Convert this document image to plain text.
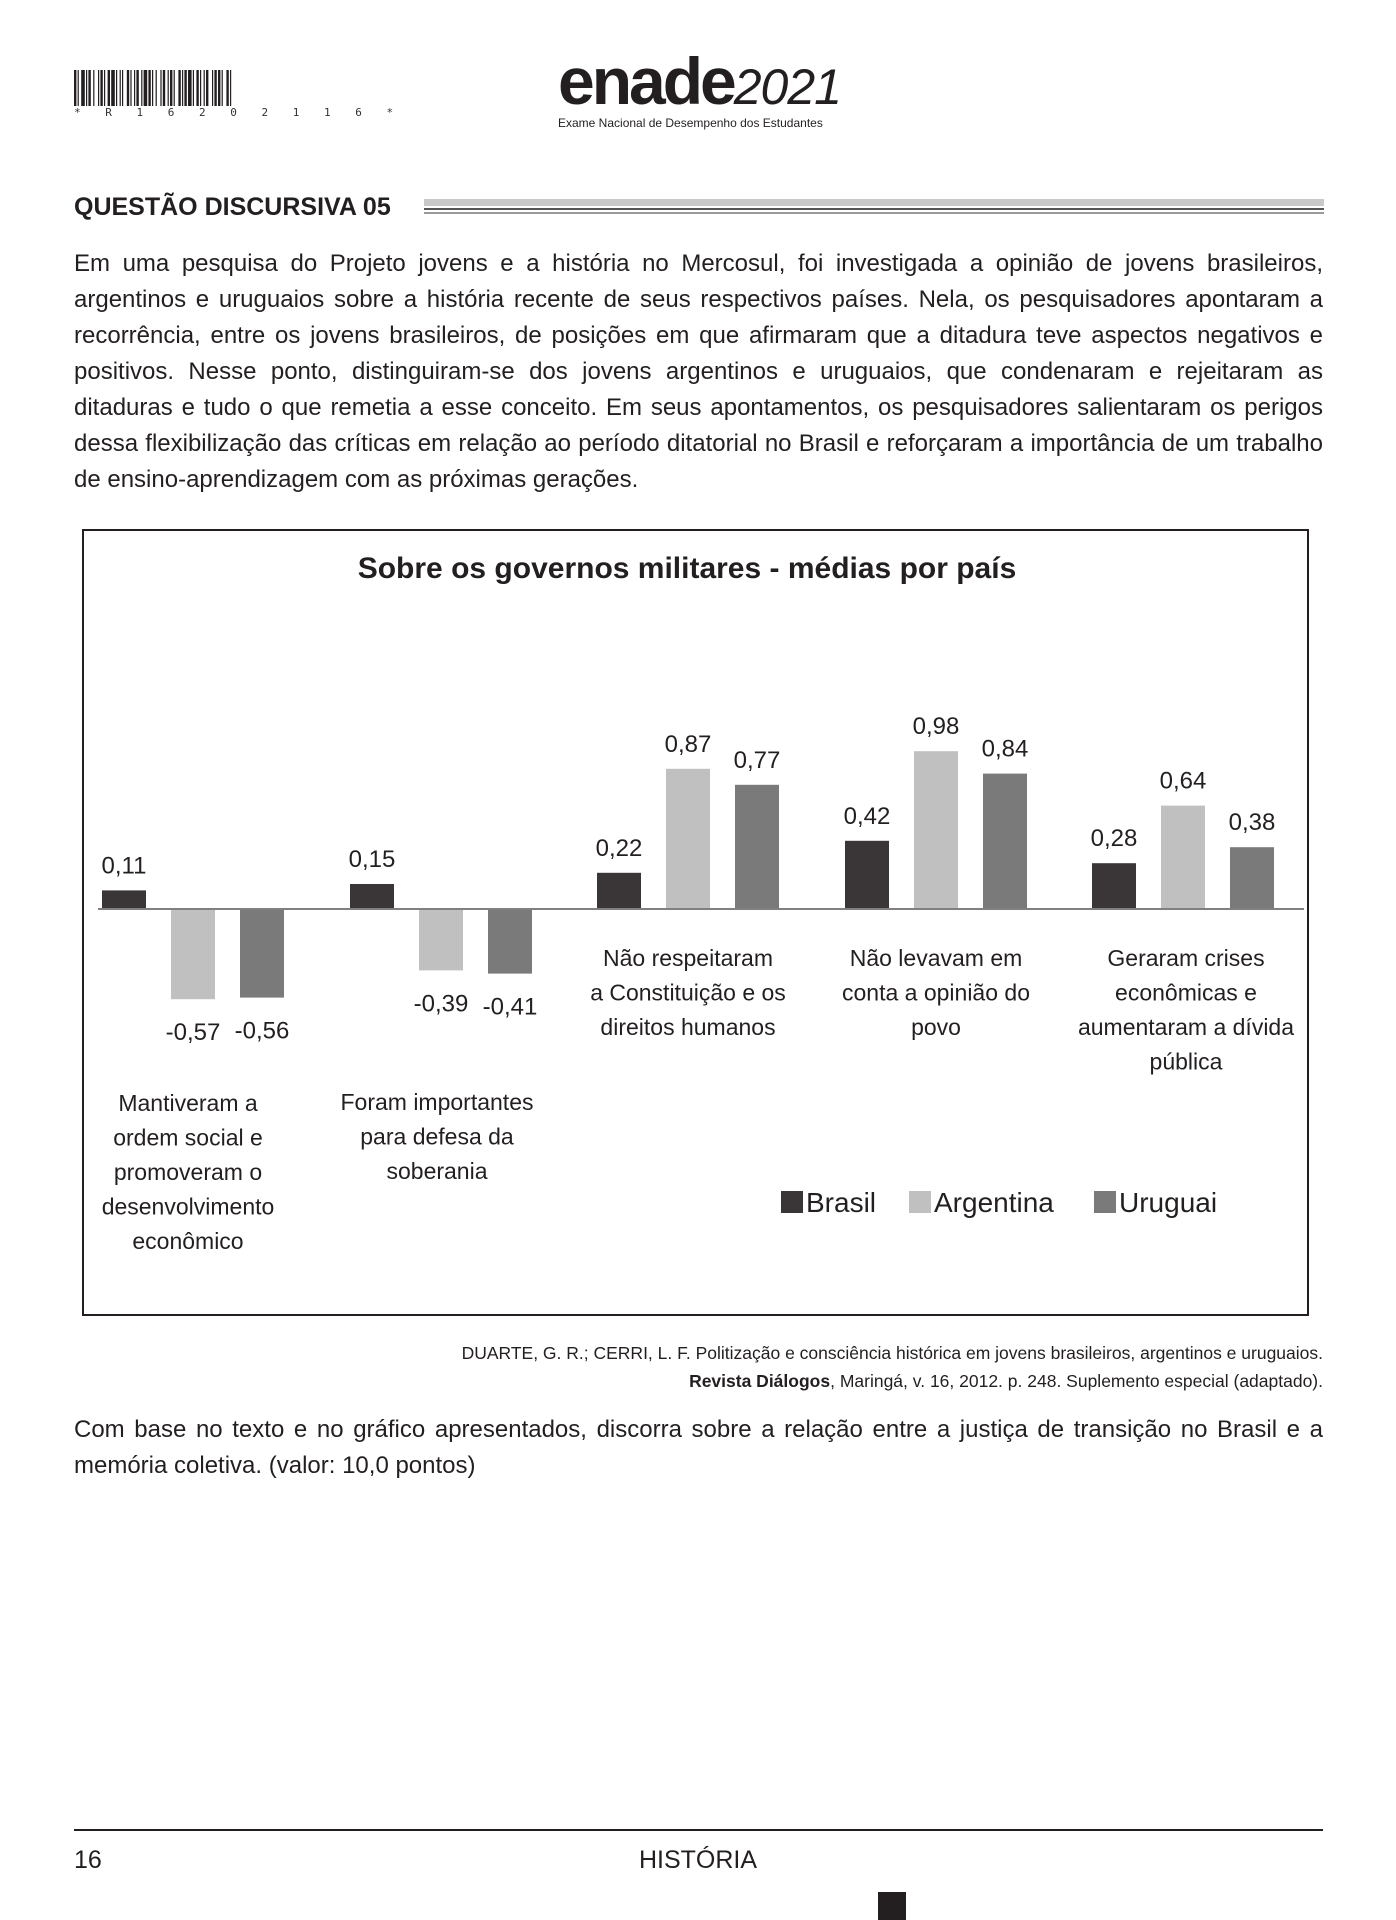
* R 1 6 2 0 2 1 1 6 * enade2021
Exame Nacional de Desempenho dos Estudantes
QUESTÃO DISCURSIVA 05

Em uma pesquisa do Projeto jovens e a história no Mercosul, foi investigada a opinião de jovens brasileiros, argentinos e uruguaios sobre a história recente de seus respectivos países. Nela, os pesquisadores apontaram a recorrência, entre os jovens brasileiros, de posições em que afirmaram que a ditadura teve aspectos negativos e positivos. Nesse ponto, distinguiram-se dos jovens argentinos e uruguaios, que condenaram e rejeitaram as ditaduras e tudo o que remetia a esse conceito. Em seus apontamentos, os pesquisadores salientaram os perigos dessa flexibilização das críticas em relação ao período ditatorial no Brasil e reforçaram a importância de um trabalho de ensino-aprendizagem com as próximas gerações.

Sobre os governos militares - médias por país
0,11	0,15	0,22
0,42
0,28
-0,57
-0,39
0,87
0,98
0,64
-0,56
-0,41
0,77	0,84
0,38
Mantiveram a ordem social e promoveram o desenvolvimento econômico
Foram importantes para defesa da soberania
Não respeitaram a Constituição e os direitos humanos
Não levavam em conta a opinião do povo
Geraram crises econômicas e aumentaram a dívida pública
Brasil Argentina Uruguai
DUARTE, G. R.; CERRI, L. F. Politização e consciência histórica em jovens brasileiros, argentinos e uruguaios.
Revista Diálogos, Maringá, v. 16, 2012. p. 248. Suplemento especial (adaptado).

Com base no texto e no gráfico apresentados, discorra sobre a relação entre a justiça de transição no Brasil e a memória coletiva. (valor: 10,0 pontos)

16	HISTÓRIA
